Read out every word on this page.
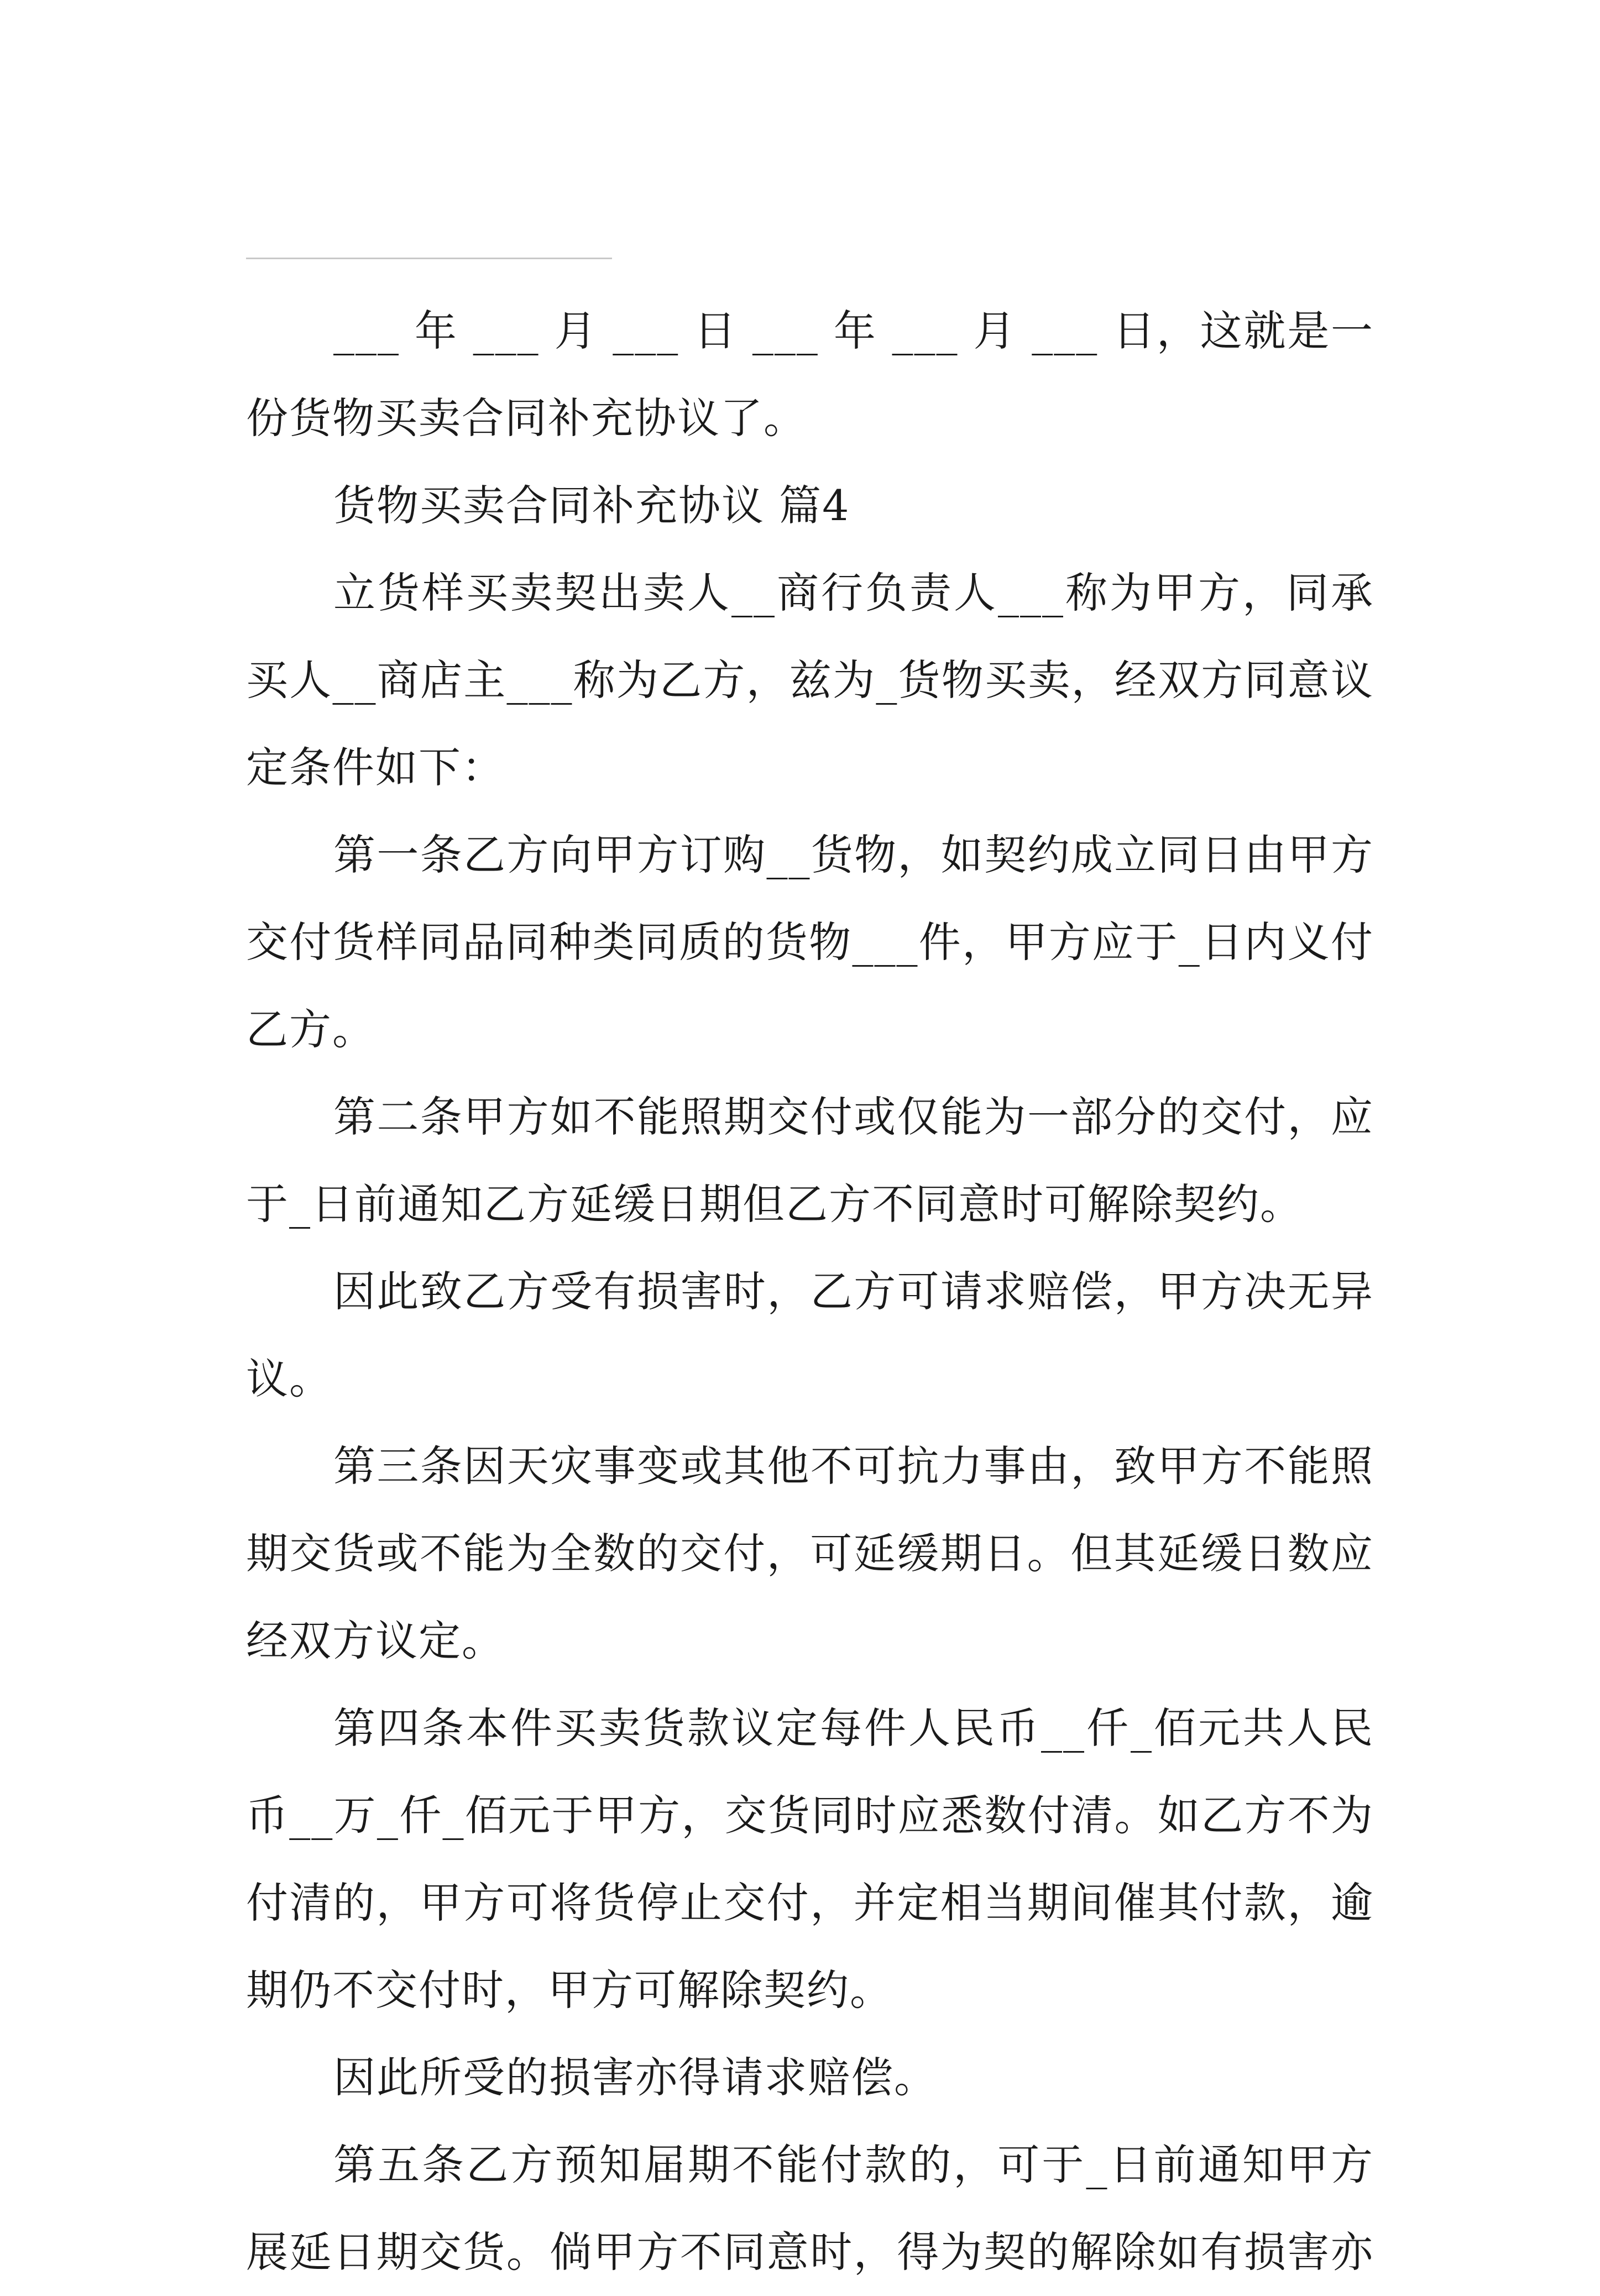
___ 年 ___ 月 ___ 日 ___ 年 ___ 月 ___ 日，这就是一份货物买卖合同补充协议了。

货物买卖合同补充协议 篇4

立货样买卖契出卖人__商行负责人___称为甲方，同承买人__商店主___称为乙方，兹为_货物买卖，经双方同意议定条件如下：

第一条乙方向甲方订购__货物，如契约成立同日由甲方交付货样同品同种类同质的货物___件，甲方应于_日内义付乙方。

第二条甲方如不能照期交付或仅能为一部分的交付，应于_日前通知乙方延缓日期但乙方不同意时可解除契约。

因此致乙方受有损害时，乙方可请求赔偿，甲方决无异议。

第三条因天灾事变或其他不可抗力事由，致甲方不能照期交货或不能为全数的交付，可延缓期日。但其延缓日数应经双方议定。

第四条本件买卖货款议定每件人民币__仟_佰元共人民币__万_仟_佰元于甲方，交货同时应悉数付清。如乙方不为付清的，甲方可将货停止交付，并定相当期间催其付款，逾期仍不交付时，甲方可解除契约。

因此所受的损害亦得请求赔偿。

第五条乙方预知届期不能付款的，可于_日前通知甲方展延日期交货。倘甲方不同意时，得为契的解除如有损害亦
